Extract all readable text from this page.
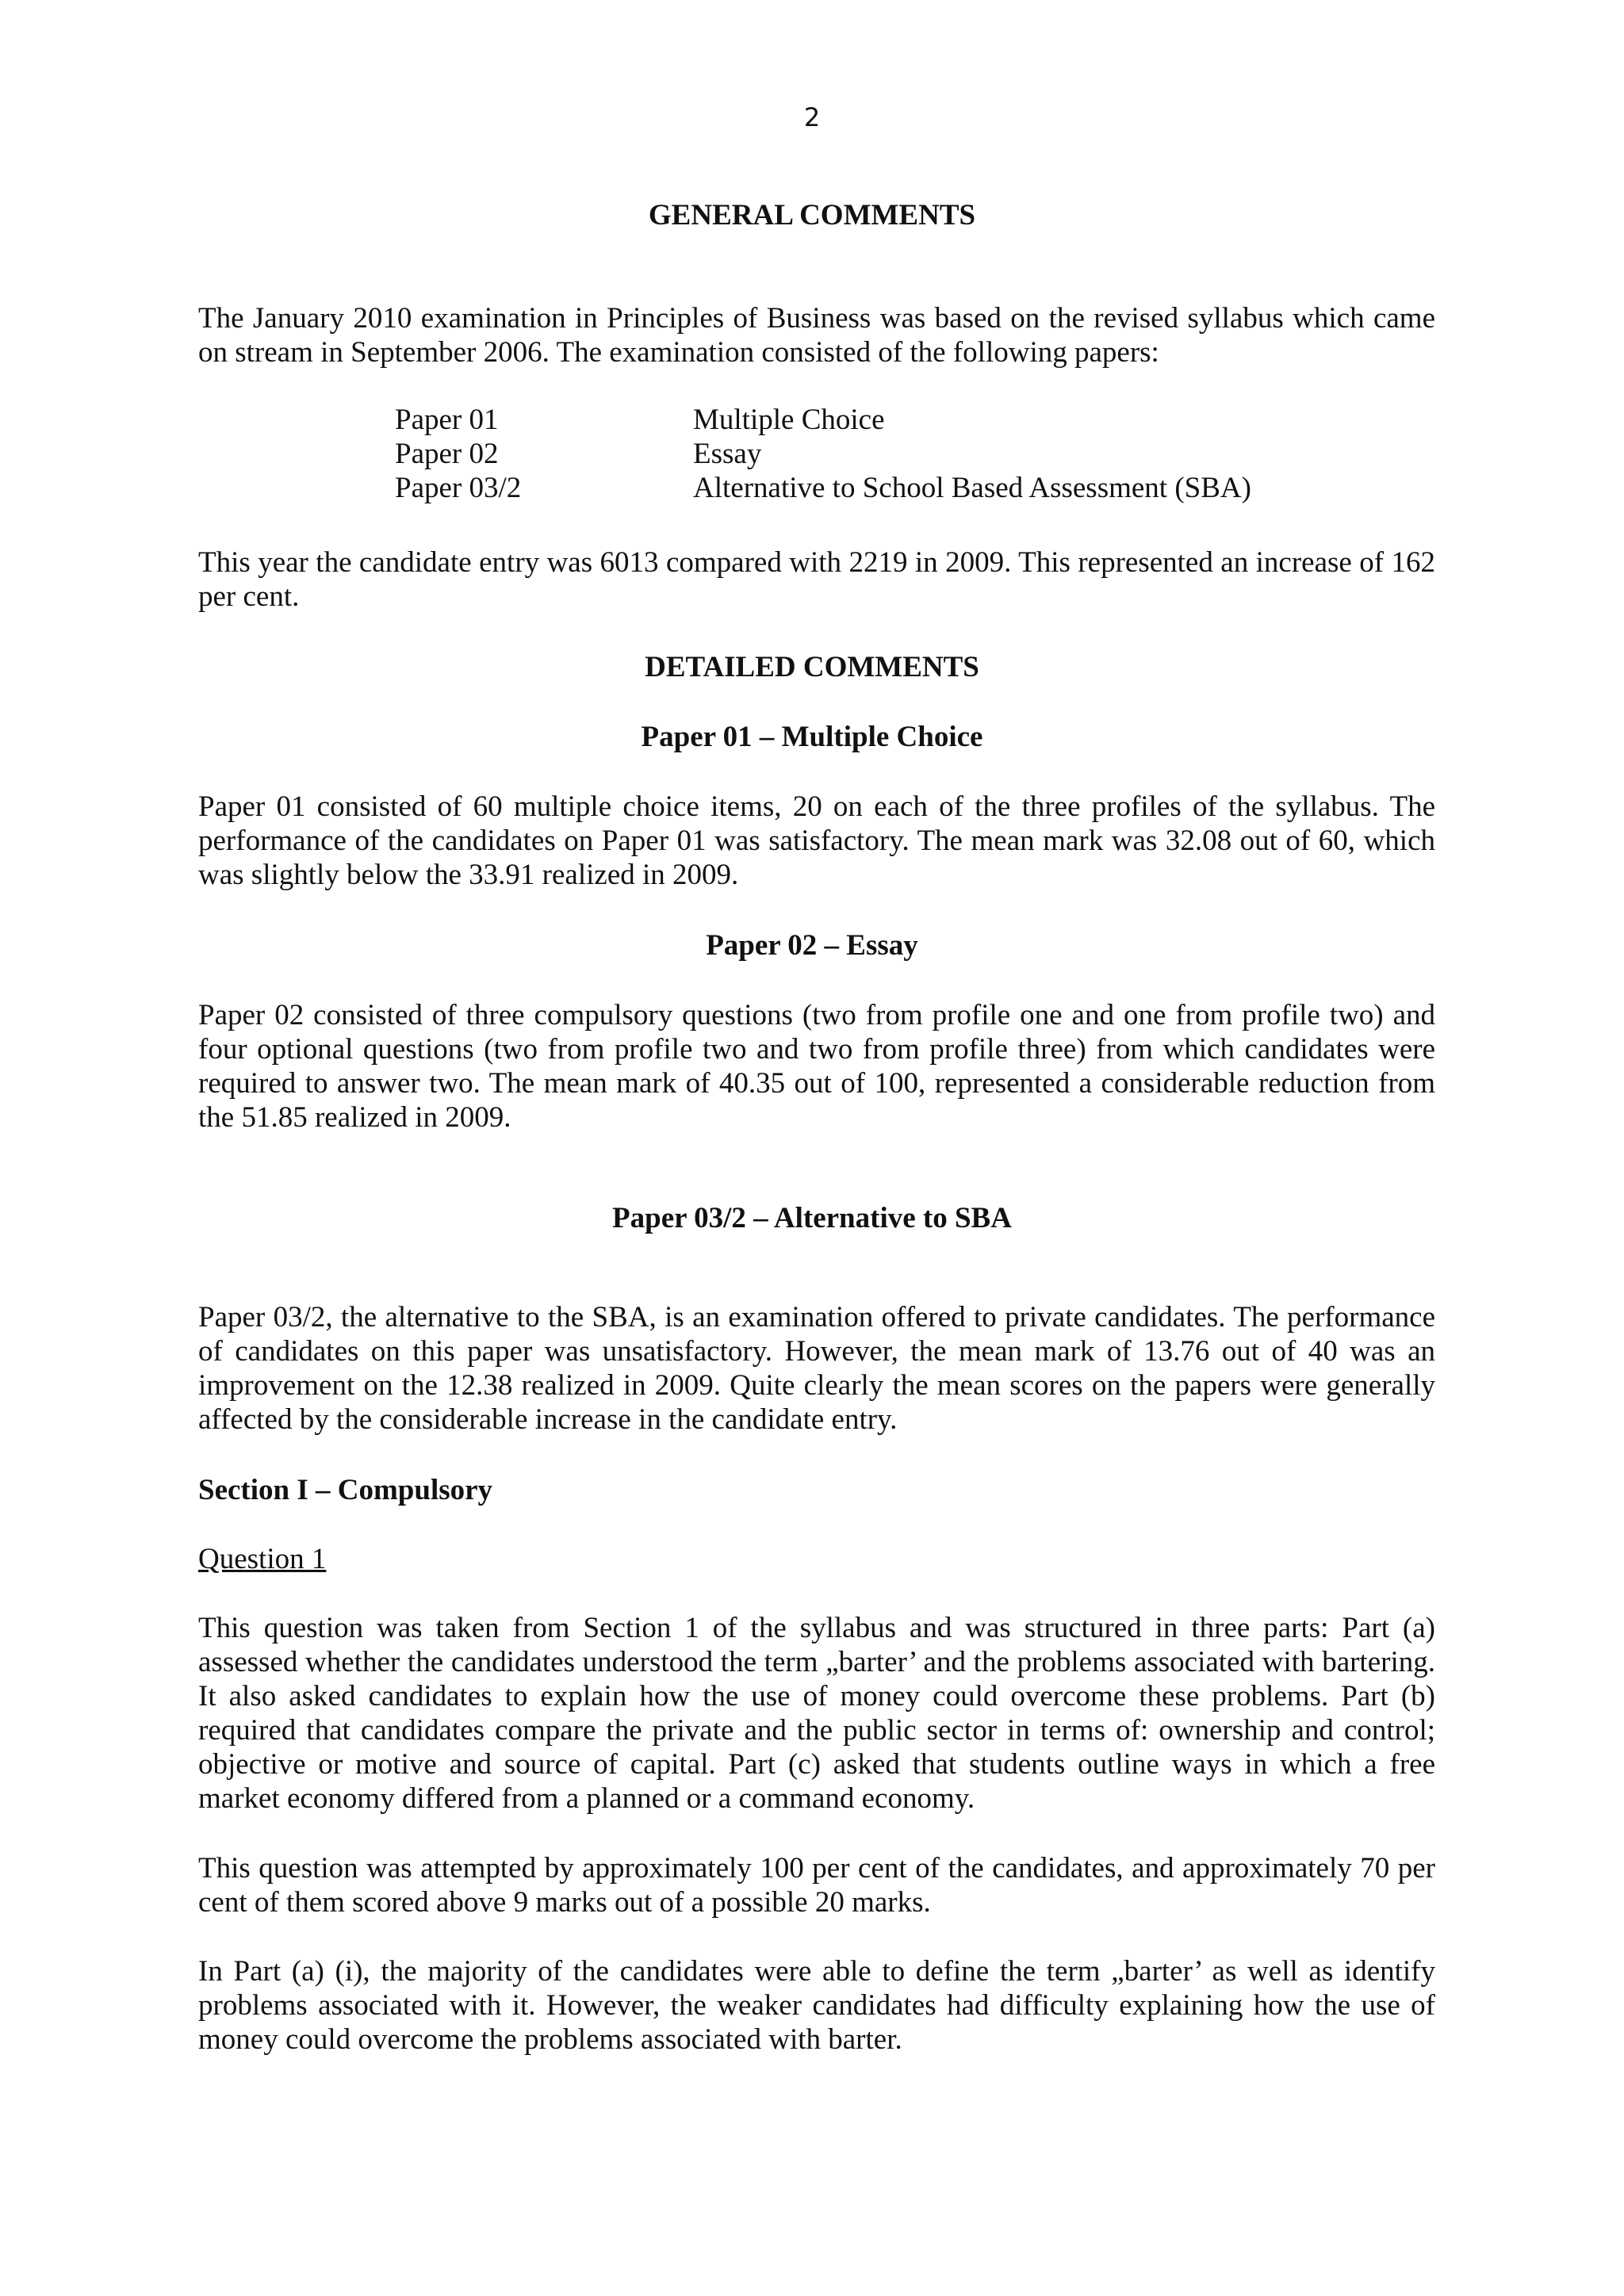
2
GENERAL COMMENTS

The January 2010 examination in Principles of Business was based on the revised syllabus which came on stream in September 2006. The examination consisted of the following papers:

Paper 01	Multiple Choice
Paper 02	Essay
Paper 03/2	Alternative to School Based Assessment (SBA)

This year the candidate entry was 6013 compared with 2219 in 2009. This represented an increase of 162 per cent.

DETAILED COMMENTS
Paper 01 – Multiple Choice

Paper 01 consisted of 60 multiple choice items, 20 on each of the three profiles of the syllabus. The performance of the candidates on Paper 01 was satisfactory. The mean mark was 32.08 out of 60, which was slightly below the 33.91 realized in 2009.

Paper 02 – Essay

Paper 02 consisted of three compulsory questions (two from profile one and one from profile two) and four optional questions (two from profile two and two from profile three) from which candidates were required to answer two. The mean mark of 40.35 out of 100, represented a considerable reduction from the 51.85 realized in 2009.

Paper 03/2 – Alternative to SBA

Paper 03/2, the alternative to the SBA, is an examination offered to private candidates. The performance of candidates on this paper was unsatisfactory. However, the mean mark of 13.76 out of 40 was an improvement on the 12.38 realized in 2009. Quite clearly the mean scores on the papers were generally affected by the considerable increase in the candidate entry.

Section I – Compulsory

Question 1

This question was taken from Section 1 of the syllabus and was structured in three parts: Part (a) assessed whether the candidates understood the term „barter’ and the problems associated with bartering. It also asked candidates to explain how the use of money could overcome these problems. Part (b) required that candidates compare the private and the public sector in terms of: ownership and control; objective or motive and source of capital. Part (c) asked that students outline ways in which a free market economy differed from a planned or a command economy.

This question was attempted by approximately 100 per cent of the candidates, and approximately 70 per cent of them scored above 9 marks out of a possible 20 marks.

In Part (a) (i), the majority of the candidates were able to define the term „barter’ as well as identify problems associated with it. However, the weaker candidates had difficulty explaining how the use of money could overcome the problems associated with barter.
